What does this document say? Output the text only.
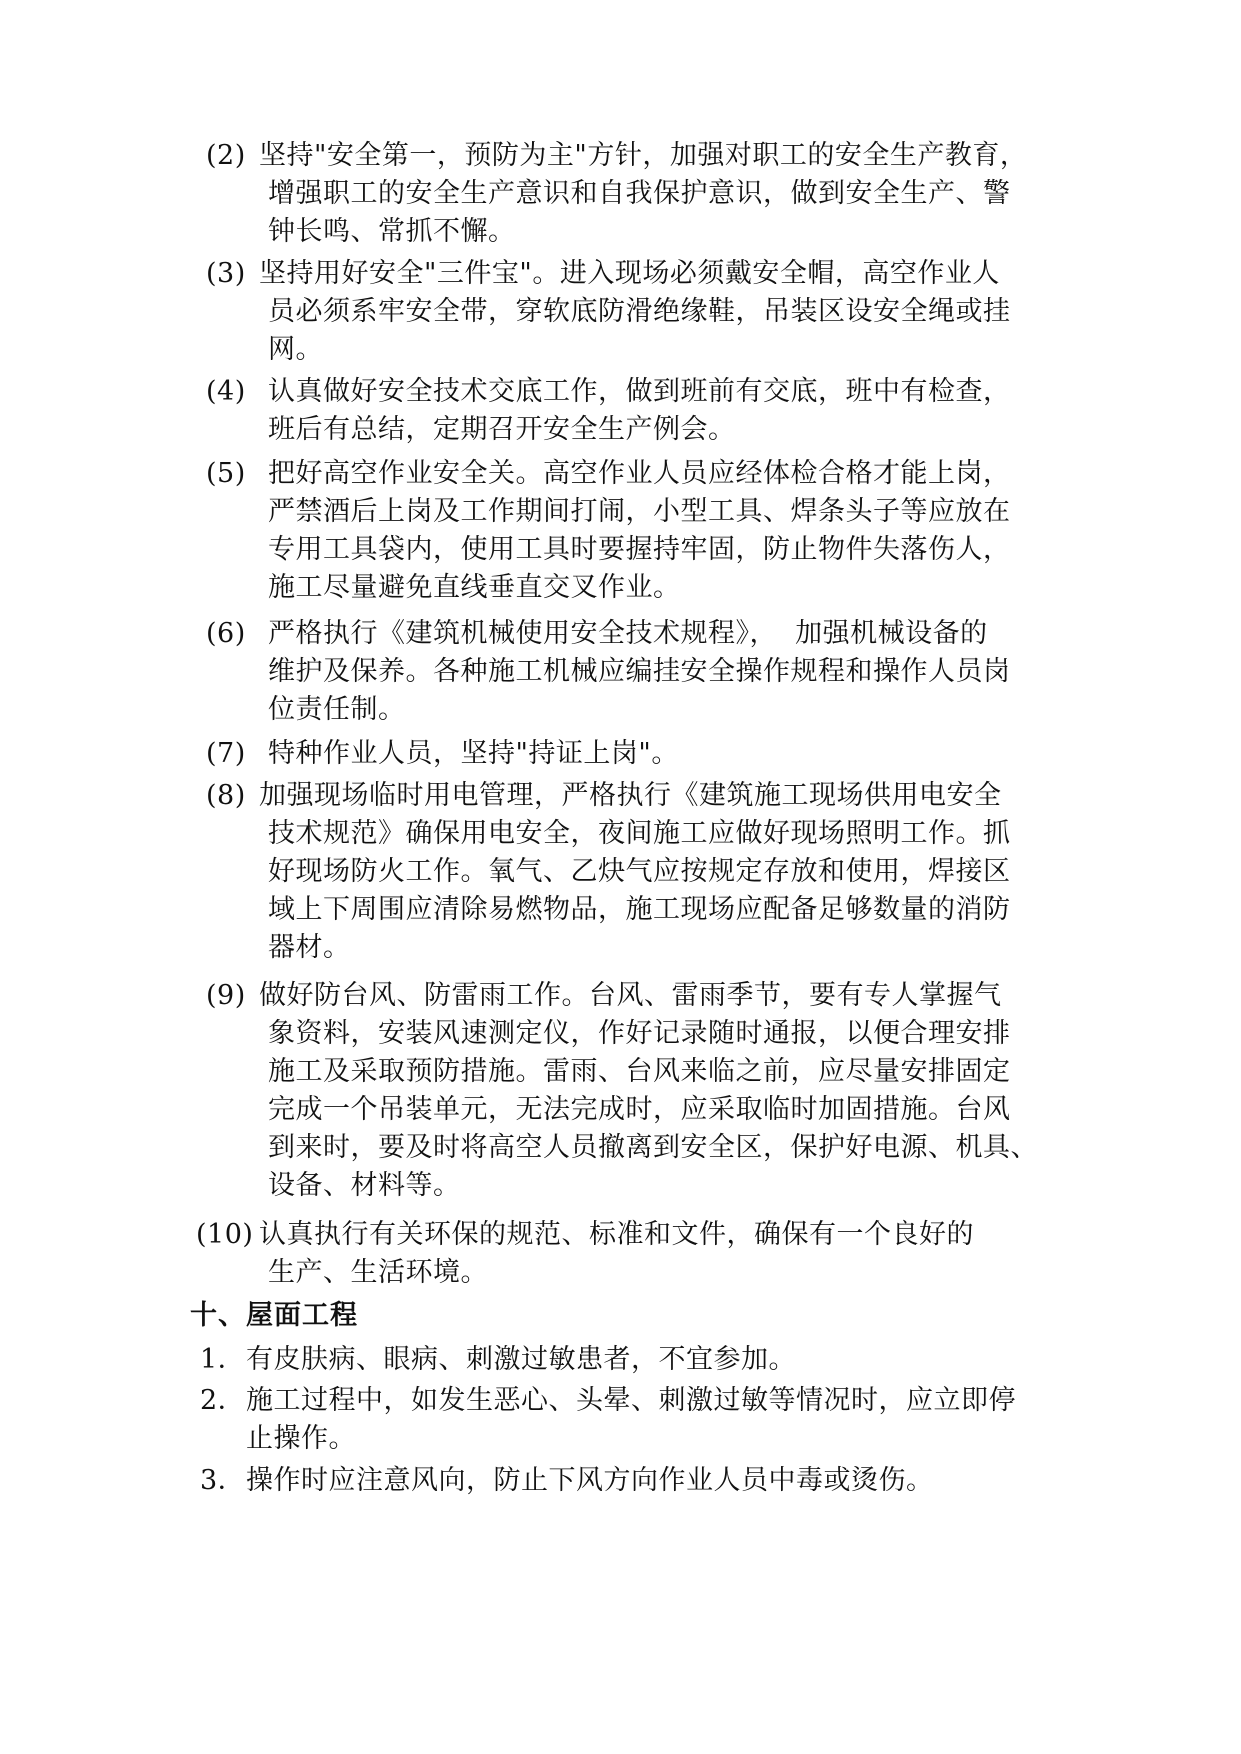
(2) 坚持"安全第一，预防为主"方针，加强对职工的安全生产教育，
增强职工的安全生产意识和自我保护意识，做到安全生产、警
钟长鸣、常抓不懈。
(3) 坚持用好安全"三件宝"。进入现场必须戴安全帽，高空作业人
员必须系牢安全带，穿软底防滑绝缘鞋，吊装区设安全绳或挂
网。
(4) 认真做好安全技术交底工作，做到班前有交底，班中有检查，
班后有总结，定期召开安全生产例会。
(5) 把好高空作业安全关。高空作业人员应经体检合格才能上岗，
严禁酒后上岗及工作期间打闹，小型工具、焊条头子等应放在
专用工具袋内，使用工具时要握持牢固，防止物件失落伤人，
施工尽量避免直线垂直交叉作业。
(6) 严格执行《建筑机械使用安全技术规程》，  加强机械设备的
维护及保养。各种施工机械应编挂安全操作规程和操作人员岗
位责任制。
(7) 特种作业人员，坚持"持证上岗"。
(8) 加强现场临时用电管理，严格执行《建筑施工现场供用电安全
技术规范》确保用电安全，夜间施工应做好现场照明工作。抓
好现场防火工作。氧气、乙炔气应按规定存放和使用，焊接区
域上下周围应清除易燃物品，施工现场应配备足够数量的消防
器材。
(9) 做好防台风、防雷雨工作。台风、雷雨季节，要有专人掌握气
象资料，安装风速测定仪，作好记录随时通报，以便合理安排
施工及采取预防措施。雷雨、台风来临之前，应尽量安排固定
完成一个吊装单元，无法完成时，应采取临时加固措施。台风
到来时，要及时将高空人员撤离到安全区，保护好电源、机具、
设备、材料等。
(10) 认真执行有关环保的规范、标准和文件，确保有一个良好的
生产、生活环境。
十、屋面工程
1． 有皮肤病、眼病、刺激过敏患者，不宜参加。
2． 施工过程中，如发生恶心、头晕、刺激过敏等情况时，应立即停
止操作。
3． 操作时应注意风向，防止下风方向作业人员中毒或烫伤。
